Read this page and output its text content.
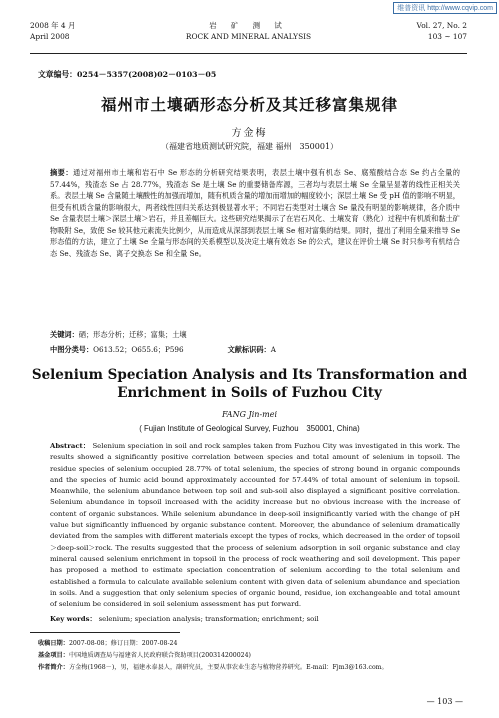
维普资讯 http://www.cqvip.com
2008 年 4 月
April 2008
岩 矿 测 试
ROCK AND MINERAL ANALYSIS
Vol. 27, No. 2
103 ~ 107
文章编号：0254－5357(2008)02－0103－05
福州市土壤硒形态分析及其迁移富集规律
方金梅
（福建省地质测试研究院，福建 福州　350001）
摘要：通过对福州市土壤和岩石中 Se 形态的分析研究结果表明，表层土壤中强有机态 Se、腐殖酸结合态 Se 约占全量的 57.44%，残渣态 Se 占 28.77%，残渣态 Se 是土壤 Se 的重要储备库源，三者均与表层土壤 Se 全量呈显著的线性正相关关系。表层土壤 Se 含量随土壤酸性的加强而增加，随有机质含量的增加而增加的幅度较小；深层土壤 Se 受 pH 值的影响不明显，但受有机质含量的影响很大，两者线性回归关系达到极显著水平；不同岩石类型对土壤含 Se 量没有明显的影响规律，各介质中 Se 含量表层土壤＞深层土壤＞岩石，并且差幅巨大。这些研究结果揭示了在岩石风化、土壤发育（熟化）过程中有机质和黏土矿物吸附 Se，致使 Se 较其他元素流失比例少，从而造成从深部到表层土壤 Se 相对富集的结果。同时，提出了利用全量来推导 Se 形态值的方法，建立了土壤 Se 全量与形态间的关系模型以及决定土壤有效态 Se 的公式，建议在评价土壤 Se 时只参考有机结合态 Se、残渣态 Se、离子交换态 Se 和全量 Se。
关键词：硒；形态分析；迁移；富集；土壤
中图分类号：O613.52；O655.6；P596	文献标识码：A
Selenium Speciation Analysis and Its Transformation and Enrichment in Soils of Fuzhou City
FANG Jin-mei
( Fujian Institute of Geological Survey, Fuzhou　350001, China)
Abstract： Selenium speciation in soil and rock samples taken from Fuzhou City was investigated in this work. The results showed a significantly positive correlation between species and total amount of selenium in topsoil. The residue species of selenium occupied 28.77% of total selenium, the species of strong bound in organic compounds and the species of humic acid bound approximately accounted for 57.44% of total amount of selenium in topsoil. Meanwhile, the selenium abundance between top soil and sub-soil also displayed a significant positive correlation. Selenium abundance in topsoil increased with the acidity increase but no obvious increase with the increase of content of organic substances. While selenium abundance in deep-soil insignificantly varied with the change of pH value but significantly influenced by organic substance content. Moreover, the abundance of selenium dramatically deviated from the samples with different materials except the types of rocks, which decreased in the order of topsoil ＞deep-soil＞rock. The results suggested that the process of selenium adsorption in soil organic substance and clay mineral caused selenium enrichment in topsoil in the process of rock weathering and soil development. This paper has proposed a method to estimate speciation concentration of selenium according to the total selenium and established a formula to calculate available selenium content with given data of selenium abundance and speciation in soils. And a suggestion that only selenium species of organic bound, residue, ion exchangeable and total amount of selenium be considered in soil selenium assessment has put forward.
Key words： selenium; speciation analysis; transformation; enrichment; soil
收稿日期：2007-08-08；修订日期：2007-08-24
基金项目：中国地质调查局与福建省人民政府联合资助项目(200314200024)
作者简介：方金梅(1968－)，男，福建永泰县人，副研究员，主要从事农业生态与植物营养研究。E-mail：Fjm3@163.com。
— 103 —
